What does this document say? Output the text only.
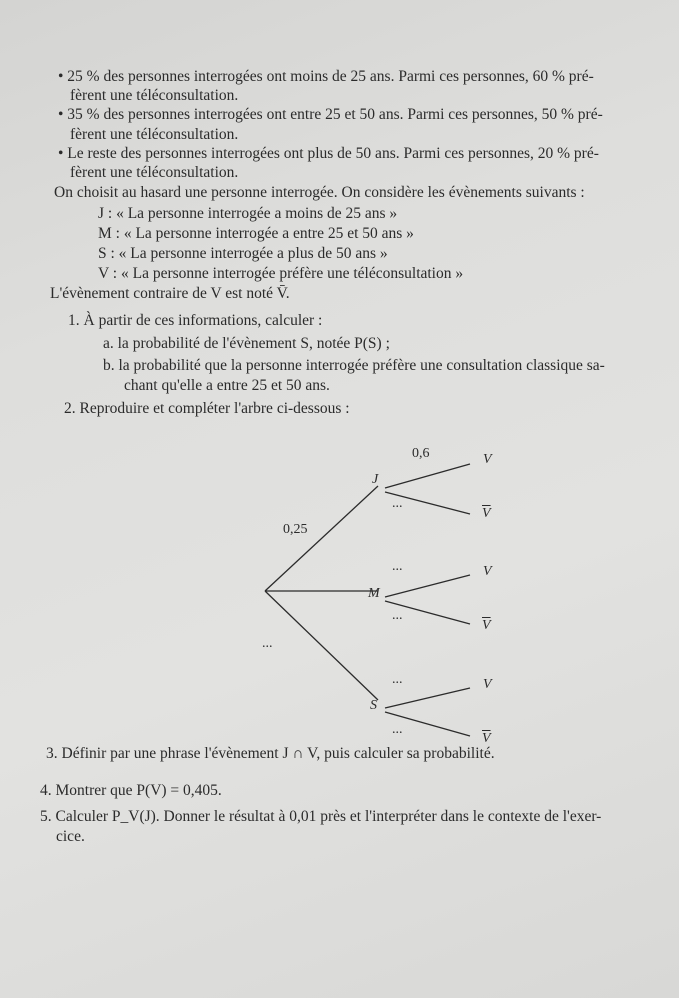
• 25 % des personnes interrogées ont moins de 25 ans. Parmi ces personnes, 60 % pré-
fèrent une téléconsultation.
• 35 % des personnes interrogées ont entre 25 et 50 ans. Parmi ces personnes, 50 % pré-
fèrent une téléconsultation.
• Le reste des personnes interrogées ont plus de 50 ans. Parmi ces personnes, 20 % pré-
fèrent une téléconsultation.
On choisit au hasard une personne interrogée. On considère les évènements suivants :
J : « La personne interrogée a moins de 25 ans »
M : « La personne interrogée a entre 25 et 50 ans »
S : « La personne interrogée a plus de 50 ans »
V : « La personne interrogée préfère une téléconsultation »
L'évènement contraire de V est noté V̄.
1. À partir de ces informations, calculer :
a. la probabilité de l'évènement S, notée P(S) ;
b. la probabilité que la personne interrogée préfère une consultation classique sa-
chant qu'elle a entre 25 et 50 ans.
2. Reproduire et compléter l'arbre ci-dessous :
0,25
...
J
M
S
0,6
...
...
...
...
...
V
$\overline{V}$
V
$\overline{V}$
V
$\overline{V}$
3. Définir par une phrase l'évènement J ∩ V, puis calculer sa probabilité.
4. Montrer que P(V) = 0,405.
5. Calculer P_V(J). Donner le résultat à 0,01 près et l'interpréter dans le contexte de l'exer-
cice.
